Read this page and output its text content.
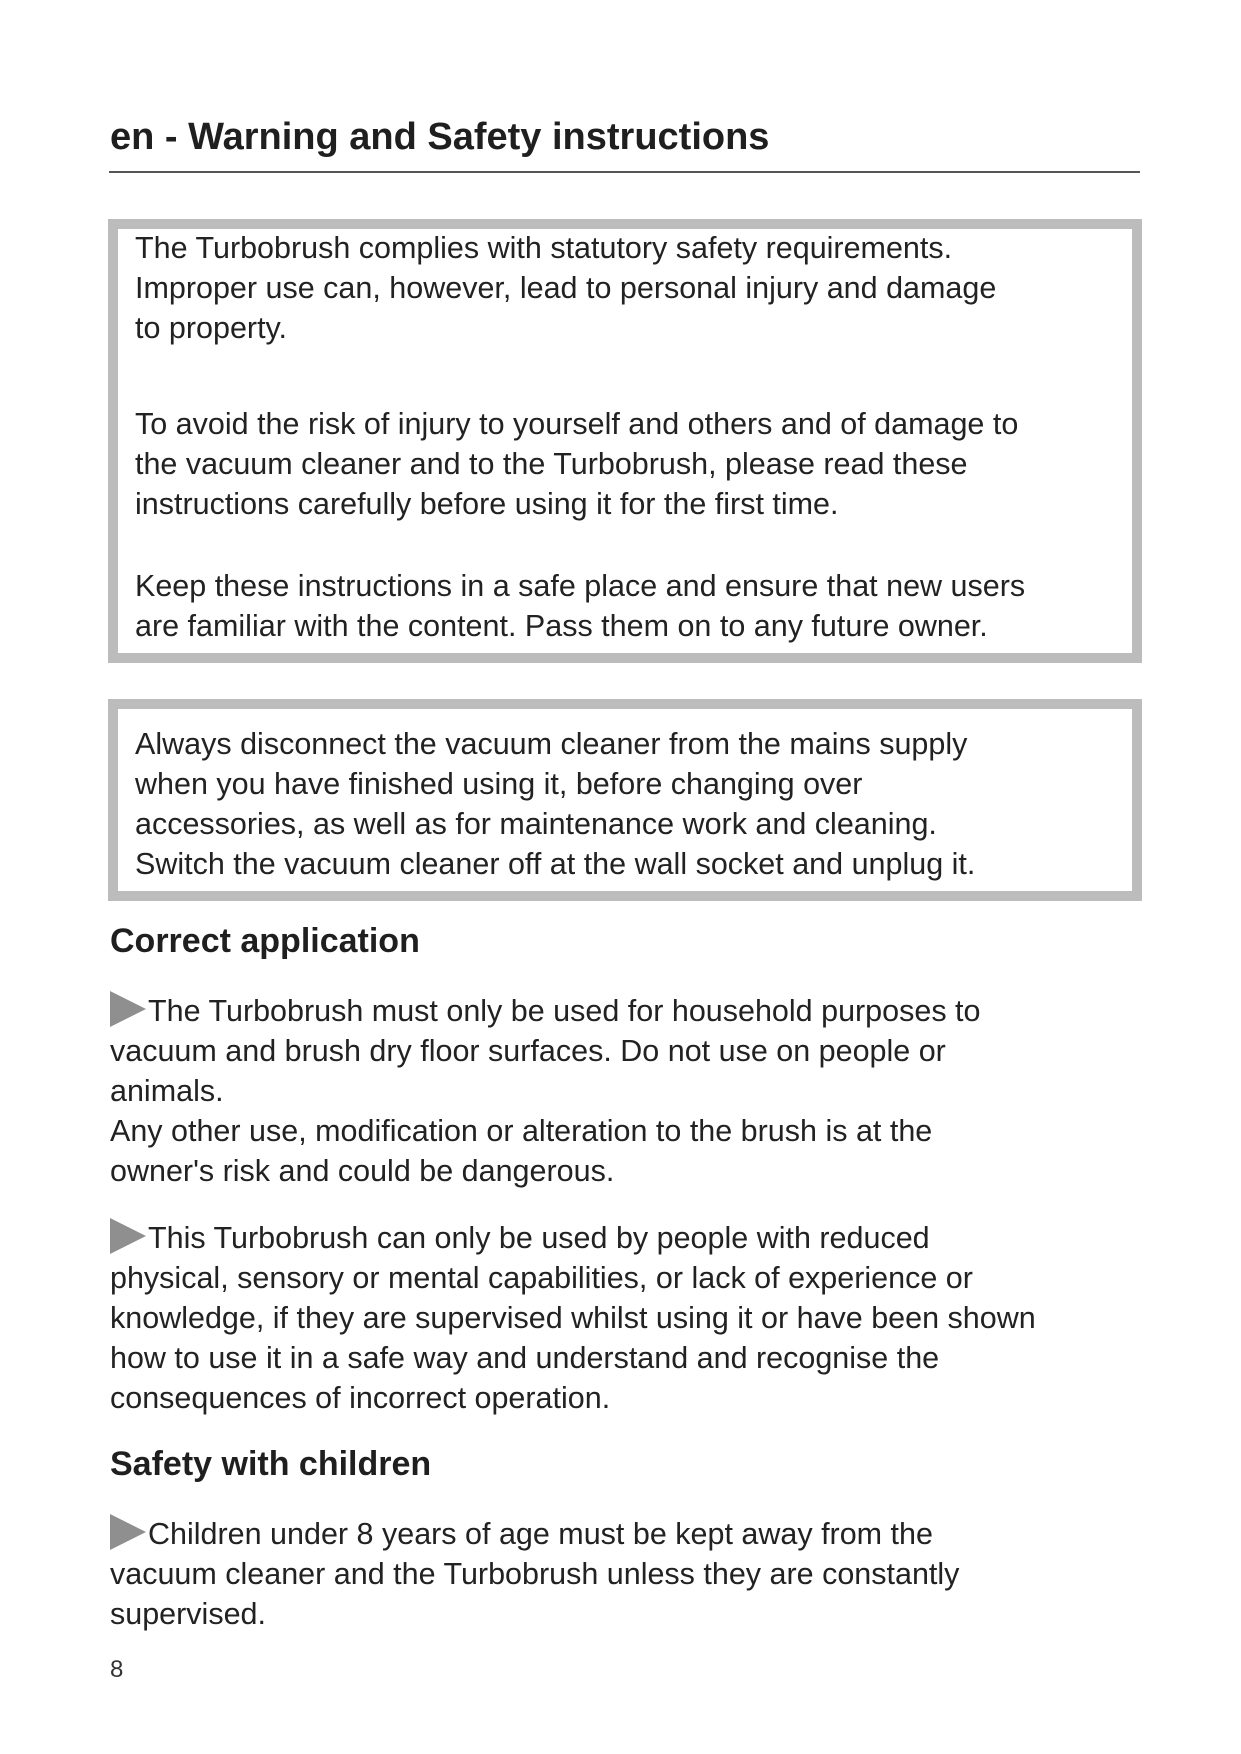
en - Warning and Safety instructions
The Turbobrush complies with statutory safety requirements.
Improper use can, however, lead to personal injury and damage
to property.
To avoid the risk of injury to yourself and others and of damage to
the vacuum cleaner and to the Turbobrush, please read these
instructions carefully before using it for the first time.
Keep these instructions in a safe place and ensure that new users
are familiar with the content. Pass them on to any future owner.
Always disconnect the vacuum cleaner from the mains supply
when you have finished using it, before changing over
accessories, as well as for maintenance work and cleaning.
Switch the vacuum cleaner off at the wall socket and unplug it.
Correct application
The Turbobrush must only be used for household purposes to
vacuum and brush dry floor surfaces. Do not use on people or
animals.
Any other use, modification or alteration to the brush is at the
owner's risk and could be dangerous.
This Turbobrush can only be used by people with reduced
physical, sensory or mental capabilities, or lack of experience or
knowledge, if they are supervised whilst using it or have been shown
how to use it in a safe way and understand and recognise the
consequences of incorrect operation.
Safety with children
Children under 8 years of age must be kept away from the
vacuum cleaner and the Turbobrush unless they are constantly
supervised.
8
